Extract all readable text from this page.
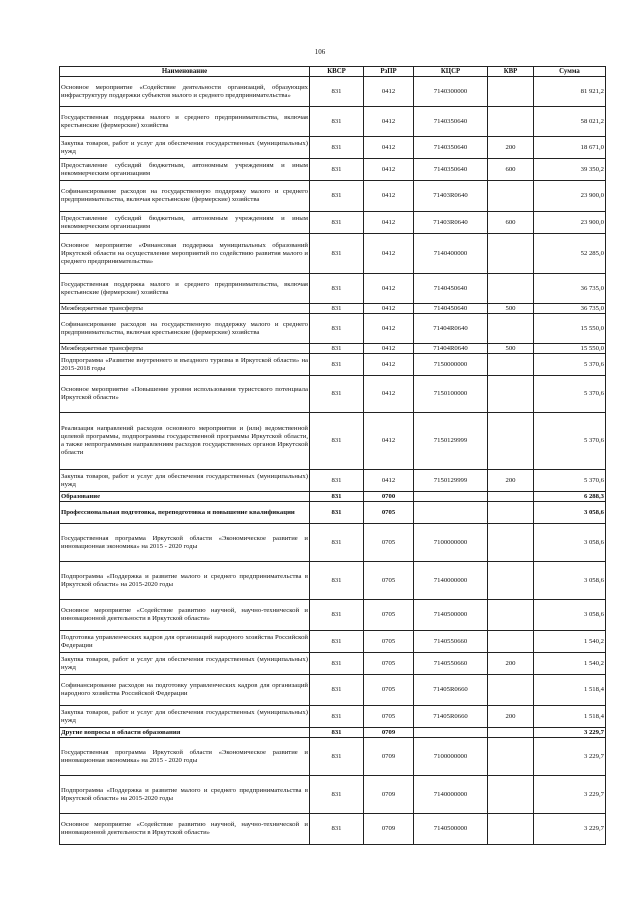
106
Наименование	КВСР	РзПР	КЦСР	КВР	Сумма
Основное мероприятие «Содействие деятельности организаций, образующих инфраструктуру поддержки субъектов малого и среднего предпринимательства»	831	0412	7140300000		81 921,2
Государственная поддержка малого и среднего предпринимательства, включая крестьянские (фермерские) хозяйства	831	0412	7140350640		58 021,2
Закупка товаров, работ и услуг для обеспечения государственных (муниципальных) нужд	831	0412	7140350640	200	18 671,0
Предоставление субсидий бюджетным, автономным учреждениям и иным некоммерческим организациям	831	0412	7140350640	600	39 350,2
Софинансирование расходов на государственную поддержку малого и среднего предпринимательства, включая крестьянские (фермерские) хозяйства	831	0412	71403R0640		23 900,0
Предоставление субсидий бюджетным, автономным учреждениям и иным некоммерческим организациям	831	0412	71403R0640	600	23 900,0
Основное мероприятие «Финансовая поддержка муниципальных образований Иркутской области на осуществление мероприятий по содействию развития малого и среднего предпринимательства»	831	0412	7140400000		52 285,0
Государственная поддержка малого и среднего предпринимательства, включая крестьянские (фермерские) хозяйства	831	0412	7140450640		36 735,0
Межбюджетные трансферты	831	0412	7140450640	500	36 735,0
Софинансирование расходов на государственную поддержку малого и среднего предпринимательства, включая крестьянские (фермерские) хозяйства	831	0412	71404R0640		15 550,0
Межбюджетные трансферты	831	0412	71404R0640	500	15 550,0
Подпрограмма «Развитие внутреннего и въездного туризма в Иркутской области» на 2015-2018 годы	831	0412	7150000000		5 370,6
Основное мероприятие «Повышение уровня использования туристского потенциала Иркутской области»	831	0412	7150100000		5 370,6
Реализация направлений расходов основного мероприятия и (или) ведомственной целевой программы, подпрограммы государственной программы Иркутской области, а также непрограммным направлениям расходов государственных органов Иркутской области	831	0412	7150129999		5 370,6
Закупка товаров, работ и услуг для обеспечения государственных (муниципальных) нужд	831	0412	7150129999	200	5 370,6
Образование	831	0700			6 288,3
Профессиональная подготовка, переподготовка и повышение квалификации	831	0705			3 058,6
Государственная программа Иркутской области «Экономическое развитие и инновационная экономика» на 2015 - 2020 годы	831	0705	7100000000		3 058,6
Подпрограмма «Поддержка и развитие малого и среднего предпринимательства в Иркутской области» на 2015-2020 годы	831	0705	7140000000		3 058,6
Основное мероприятие «Содействие развитию научной, научно-технической и инновационной деятельности в Иркутской области»	831	0705	7140500000		3 058,6
Подготовка управленческих кадров для организаций народного хозяйства Российской Федерации	831	0705	7140550660		1 540,2
Закупка товаров, работ и услуг для обеспечения государственных (муниципальных) нужд	831	0705	7140550660	200	1 540,2
Софинансирование расходов на подготовку управленческих кадров для организаций народного хозяйства Российской Федерации	831	0705	71405R0660		1 518,4
Закупка товаров, работ и услуг для обеспечения государственных (муниципальных) нужд	831	0705	71405R0660	200	1 518,4
Другие вопросы в области образования	831	0709			3 229,7
Государственная программа Иркутской области «Экономическое развитие и инновационная экономика» на 2015 - 2020 годы	831	0709	7100000000		3 229,7
Подпрограмма «Поддержка и развитие малого и среднего предпринимательства в Иркутской области» на 2015-2020 годы	831	0709	7140000000		3 229,7
Основное мероприятие «Содействие развитию научной, научно-технической и инновационной деятельности в Иркутской области»	831	0709	7140500000		3 229,7
